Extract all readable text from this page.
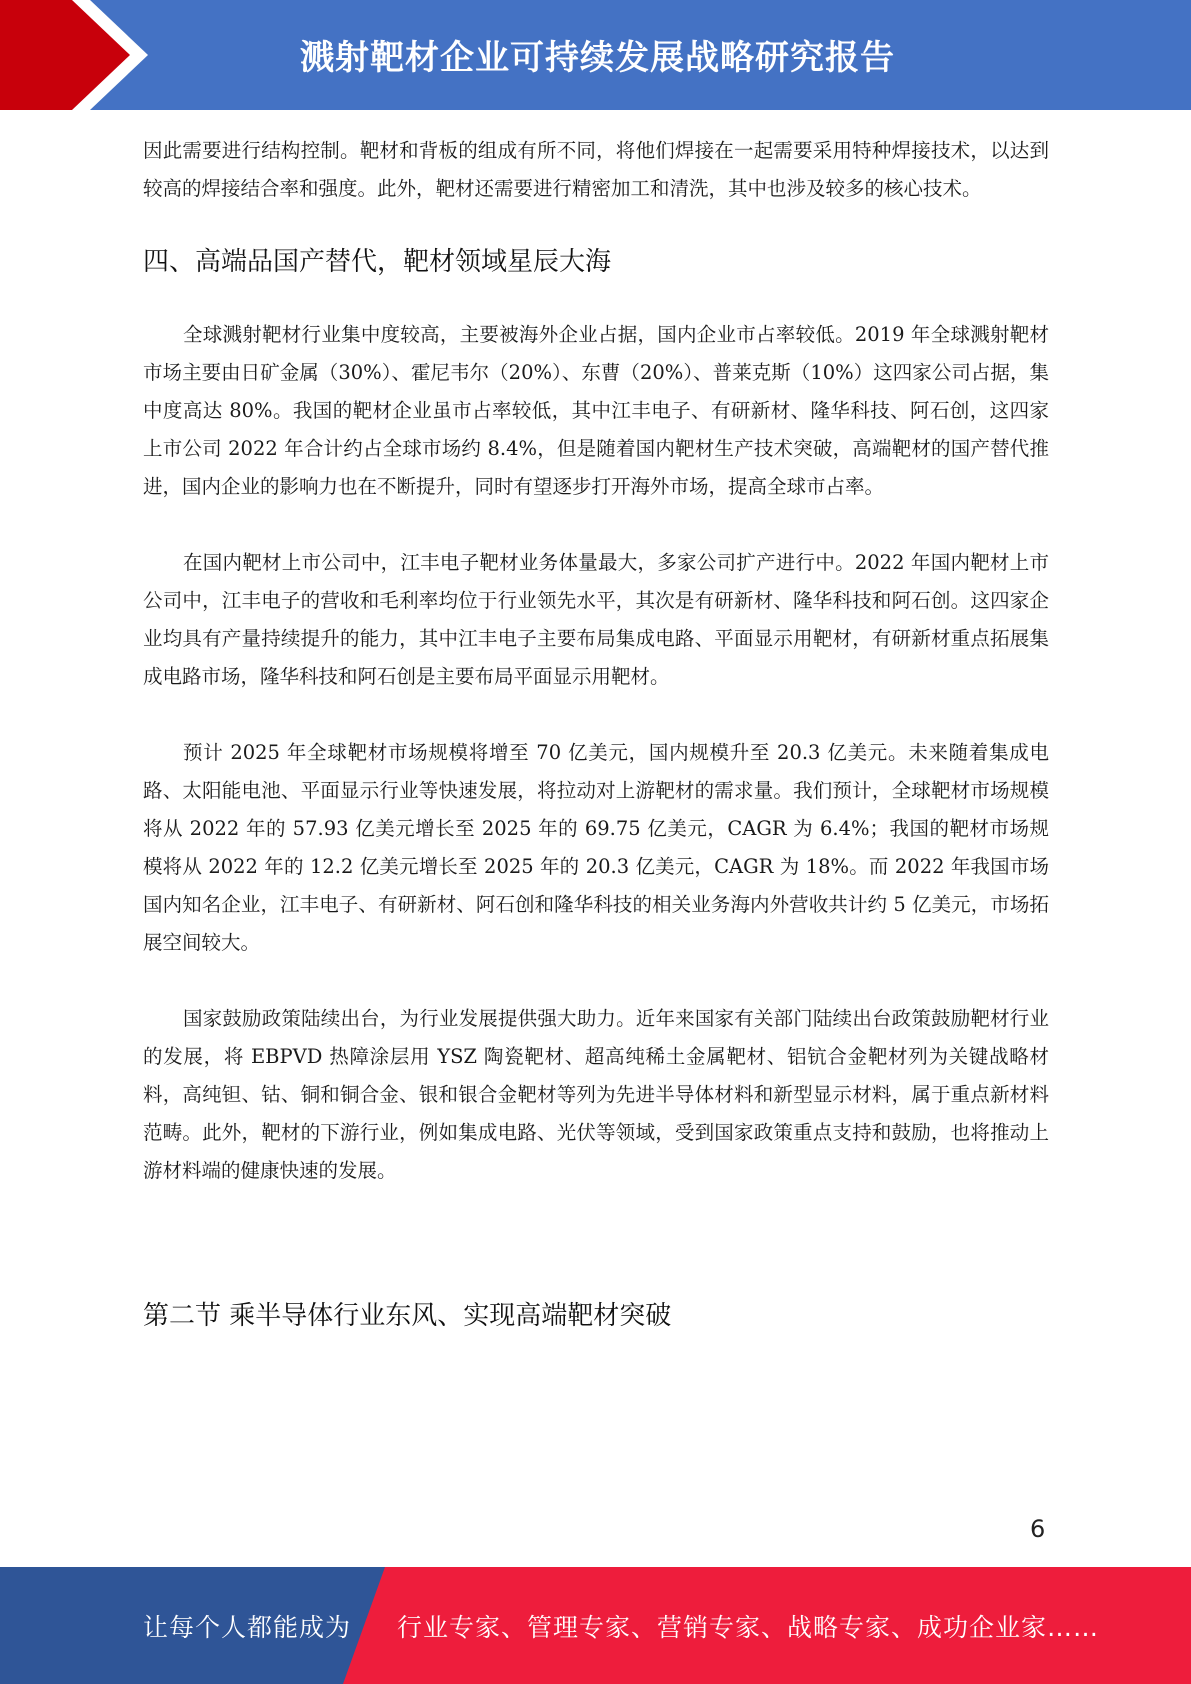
溅射靶材企业可持续发展战略研究报告

因此需要进行结构控制。靶材和背板的组成有所不同，将他们焊接在一起需要采用特种焊接技术，以达到较高的焊接结合率和强度。此外，靶材还需要进行精密加工和清洗，其中也涉及较多的核心技术。

四、高端品国产替代，靶材领域星辰大海

全球溅射靶材行业集中度较高，主要被海外企业占据，国内企业市占率较低。2019 年全球溅射靶材市场主要由日矿金属（30%）、霍尼韦尔（20%）、东曹（20%）、普莱克斯（10%）这四家公司占据，集中度高达 80%。我国的靶材企业虽市占率较低，其中江丰电子、有研新材、隆华科技、阿石创，这四家上市公司 2022 年合计约占全球市场约 8.4%，但是随着国内靶材生产技术突破，高端靶材的国产替代推进，国内企业的影响力也在不断提升，同时有望逐步打开海外市场，提高全球市占率。

在国内靶材上市公司中，江丰电子靶材业务体量最大，多家公司扩产进行中。2022 年国内靶材上市公司中，江丰电子的营收和毛利率均位于行业领先水平，其次是有研新材、隆华科技和阿石创。这四家企业均具有产量持续提升的能力，其中江丰电子主要布局集成电路、平面显示用靶材，有研新材重点拓展集成电路市场，隆华科技和阿石创是主要布局平面显示用靶材。

预计 2025 年全球靶材市场规模将增至 70 亿美元，国内规模升至 20.3 亿美元。未来随着集成电路、太阳能电池、平面显示行业等快速发展，将拉动对上游靶材的需求量。我们预计，全球靶材市场规模将从 2022 年的 57.93 亿美元增长至 2025 年的 69.75 亿美元，CAGR 为 6.4%；我国的靶材市场规模将从 2022 年的 12.2 亿美元增长至 2025 年的 20.3 亿美元，CAGR 为 18%。而 2022 年我国市场国内知名企业，江丰电子、有研新材、阿石创和隆华科技的相关业务海内外营收共计约 5 亿美元，市场拓展空间较大。

国家鼓励政策陆续出台，为行业发展提供强大助力。近年来国家有关部门陆续出台政策鼓励靶材行业的发展，将 EBPVD 热障涂层用 YSZ 陶瓷靶材、超高纯稀土金属靶材、铝钪合金靶材列为关键战略材料，高纯钽、钴、铜和铜合金、银和银合金靶材等列为先进半导体材料和新型显示材料，属于重点新材料范畴。此外，靶材的下游行业，例如集成电路、光伏等领域，受到国家政策重点支持和鼓励，也将推动上游材料端的健康快速的发展。

第二节 乘半导体行业东风、实现高端靶材突破
6
让每个人都能成为 行业专家、管理专家、营销专家、战略专家、成功企业家……
